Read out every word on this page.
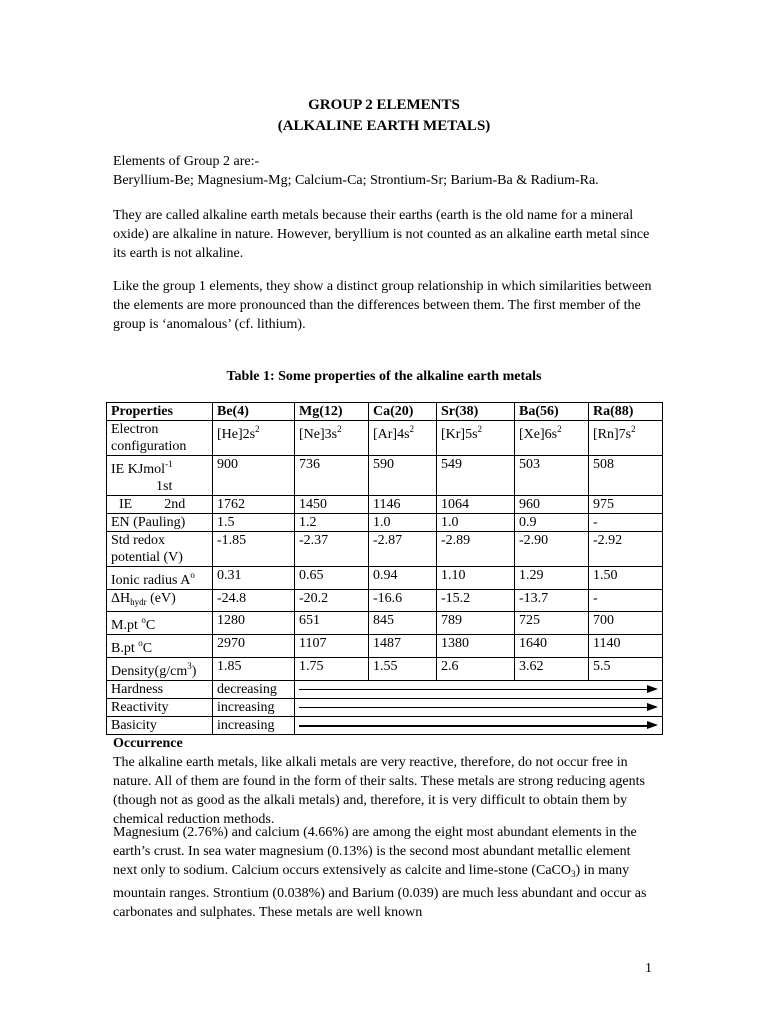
GROUP 2 ELEMENTS
(ALKALINE EARTH METALS)
Elements of Group 2 are:-
Beryllium-Be; Magnesium-Mg; Calcium-Ca; Strontium-Sr; Barium-Ba & Radium-Ra.

They are called alkaline earth metals because their earths (earth is the old name for a mineral oxide) are alkaline in nature. However, beryllium is not counted as an alkaline earth metal since its earth is not alkaline.

Like the group 1 elements, they show a distinct group relationship in which similarities between the elements are more pronounced than the differences between them. The first member of the group is ‘anomalous’ (cf. lithium).

Table 1: Some properties of the alkaline earth metals
Properties	Be(4)	Mg(12)	Ca(20)	Sr(38)	Ba(56)	Ra(88)

Electron
configuration	$[He]2s^2$	$[Ne]3s^2$	$[Ar]4s^2$	$[Kr]5s^2$	$[Xe]6s^2$	$[Rn]7s^2$

IE KJmol$^{-1}$
1st	900	736	590	549	503	508
IE 2nd	1762	1450	1146	1064	960	975
EN (Pauling)	1.5	1.2	1.0	1.0	0.9	-

Std redox
potential (V)	-1.85	-2.37	-2.87	-2.89	-2.90	-2.92
Ionic radius $A^o$	0.31	0.65	0.94	1.10	1.29	1.50
$\Delta H_{hydr}$ (eV)	-24.8	-20.2	-16.6	-15.2	-13.7	-
M.pt $^o$C	1280	651	845	789	725	700
B.pt $^o$C	2970	1107	1487	1380	1640	1140
$Density(g/cm^3)$	1.85	1.75	1.55	2.6	3.62	5.5
Hardness	decreasing					

Reactivity	increasing					

Basicity	increasing					
Occurrence

The alkaline earth metals, like alkali metals are very reactive, therefore, do not occur free in nature. All of them are found in the form of their salts. These metals are strong reducing agents (though not as good as the alkali metals) and, therefore, it is very difficult to obtain them by chemical reduction methods.

Magnesium (2.76%) and calcium (4.66%) are among the eight most abundant elements in the earth’s crust. In sea water magnesium (0.13%) is the second most abundant metallic element next only to sodium. Calcium occurs extensively as calcite and lime-stone (CaCO$_3$) in many mountain ranges. Strontium (0.038%) and Barium (0.039) are much less abundant and occur as carbonates and sulphates. These metals are well known

1
